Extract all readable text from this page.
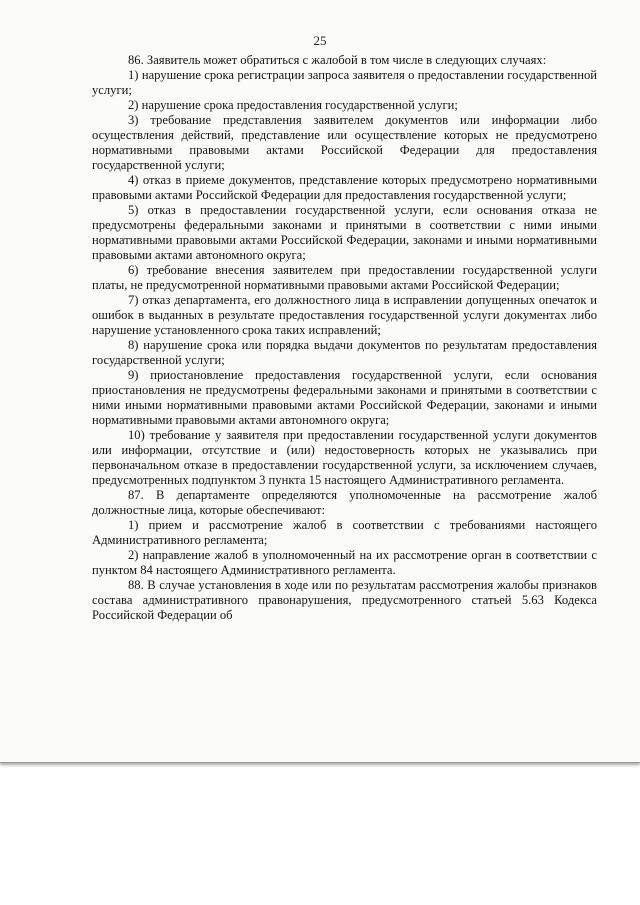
25

86. Заявитель может обратиться с жалобой в том числе в следующих случаях:

1) нарушение срока регистрации запроса заявителя о предоставлении государственной услуги;

2) нарушение срока предоставления государственной услуги;

3) требование представления заявителем документов или информации либо осуществления действий, представление или осуществление которых не предусмотрено нормативными правовыми актами Российской Федерации для предоставления государственной услуги;

4) отказ в приеме документов, представление которых предусмотрено нормативными правовыми актами Российской Федерации для предоставления государственной услуги;

5) отказ в предоставлении государственной услуги, если основания отказа не предусмотрены федеральными законами и принятыми в соответствии с ними иными нормативными правовыми актами Российской Федерации, законами и иными нормативными правовыми актами автономного округа;

6) требование внесения заявителем при предоставлении государственной услуги платы, не предусмотренной нормативными правовыми актами Российской Федерации;

7) отказ департамента, его должностного лица в исправлении допущенных опечаток и ошибок в выданных в результате предоставления государственной услуги документах либо нарушение установленного срока таких исправлений;

8) нарушение срока или порядка выдачи документов по результатам предоставления государственной услуги;

9) приостановление предоставления государственной услуги, если основания приостановления не предусмотрены федеральными законами и принятыми в соответствии с ними иными нормативными правовыми актами Российской Федерации, законами и иными нормативными правовыми актами автономного округа;

10) требование у заявителя при предоставлении государственной услуги документов или информации, отсутствие и (или) недостоверность которых не указывались при первоначальном отказе в предоставлении государственной услуги, за исключением случаев, предусмотренных подпунктом 3 пункта 15 настоящего Административного регламента.

87. В департаменте определяются уполномоченные на рассмотрение жалоб должностные лица, которые обеспечивают:

1) прием и рассмотрение жалоб в соответствии с требованиями настоящего Административного регламента;

2) направление жалоб в уполномоченный на их рассмотрение орган в соответствии с пунктом 84 настоящего Административного регламента.

88. В случае установления в ходе или по результатам рассмотрения жалобы признаков состава административного правонарушения, предусмотренного статьей 5.63 Кодекса Российской Федерации об
